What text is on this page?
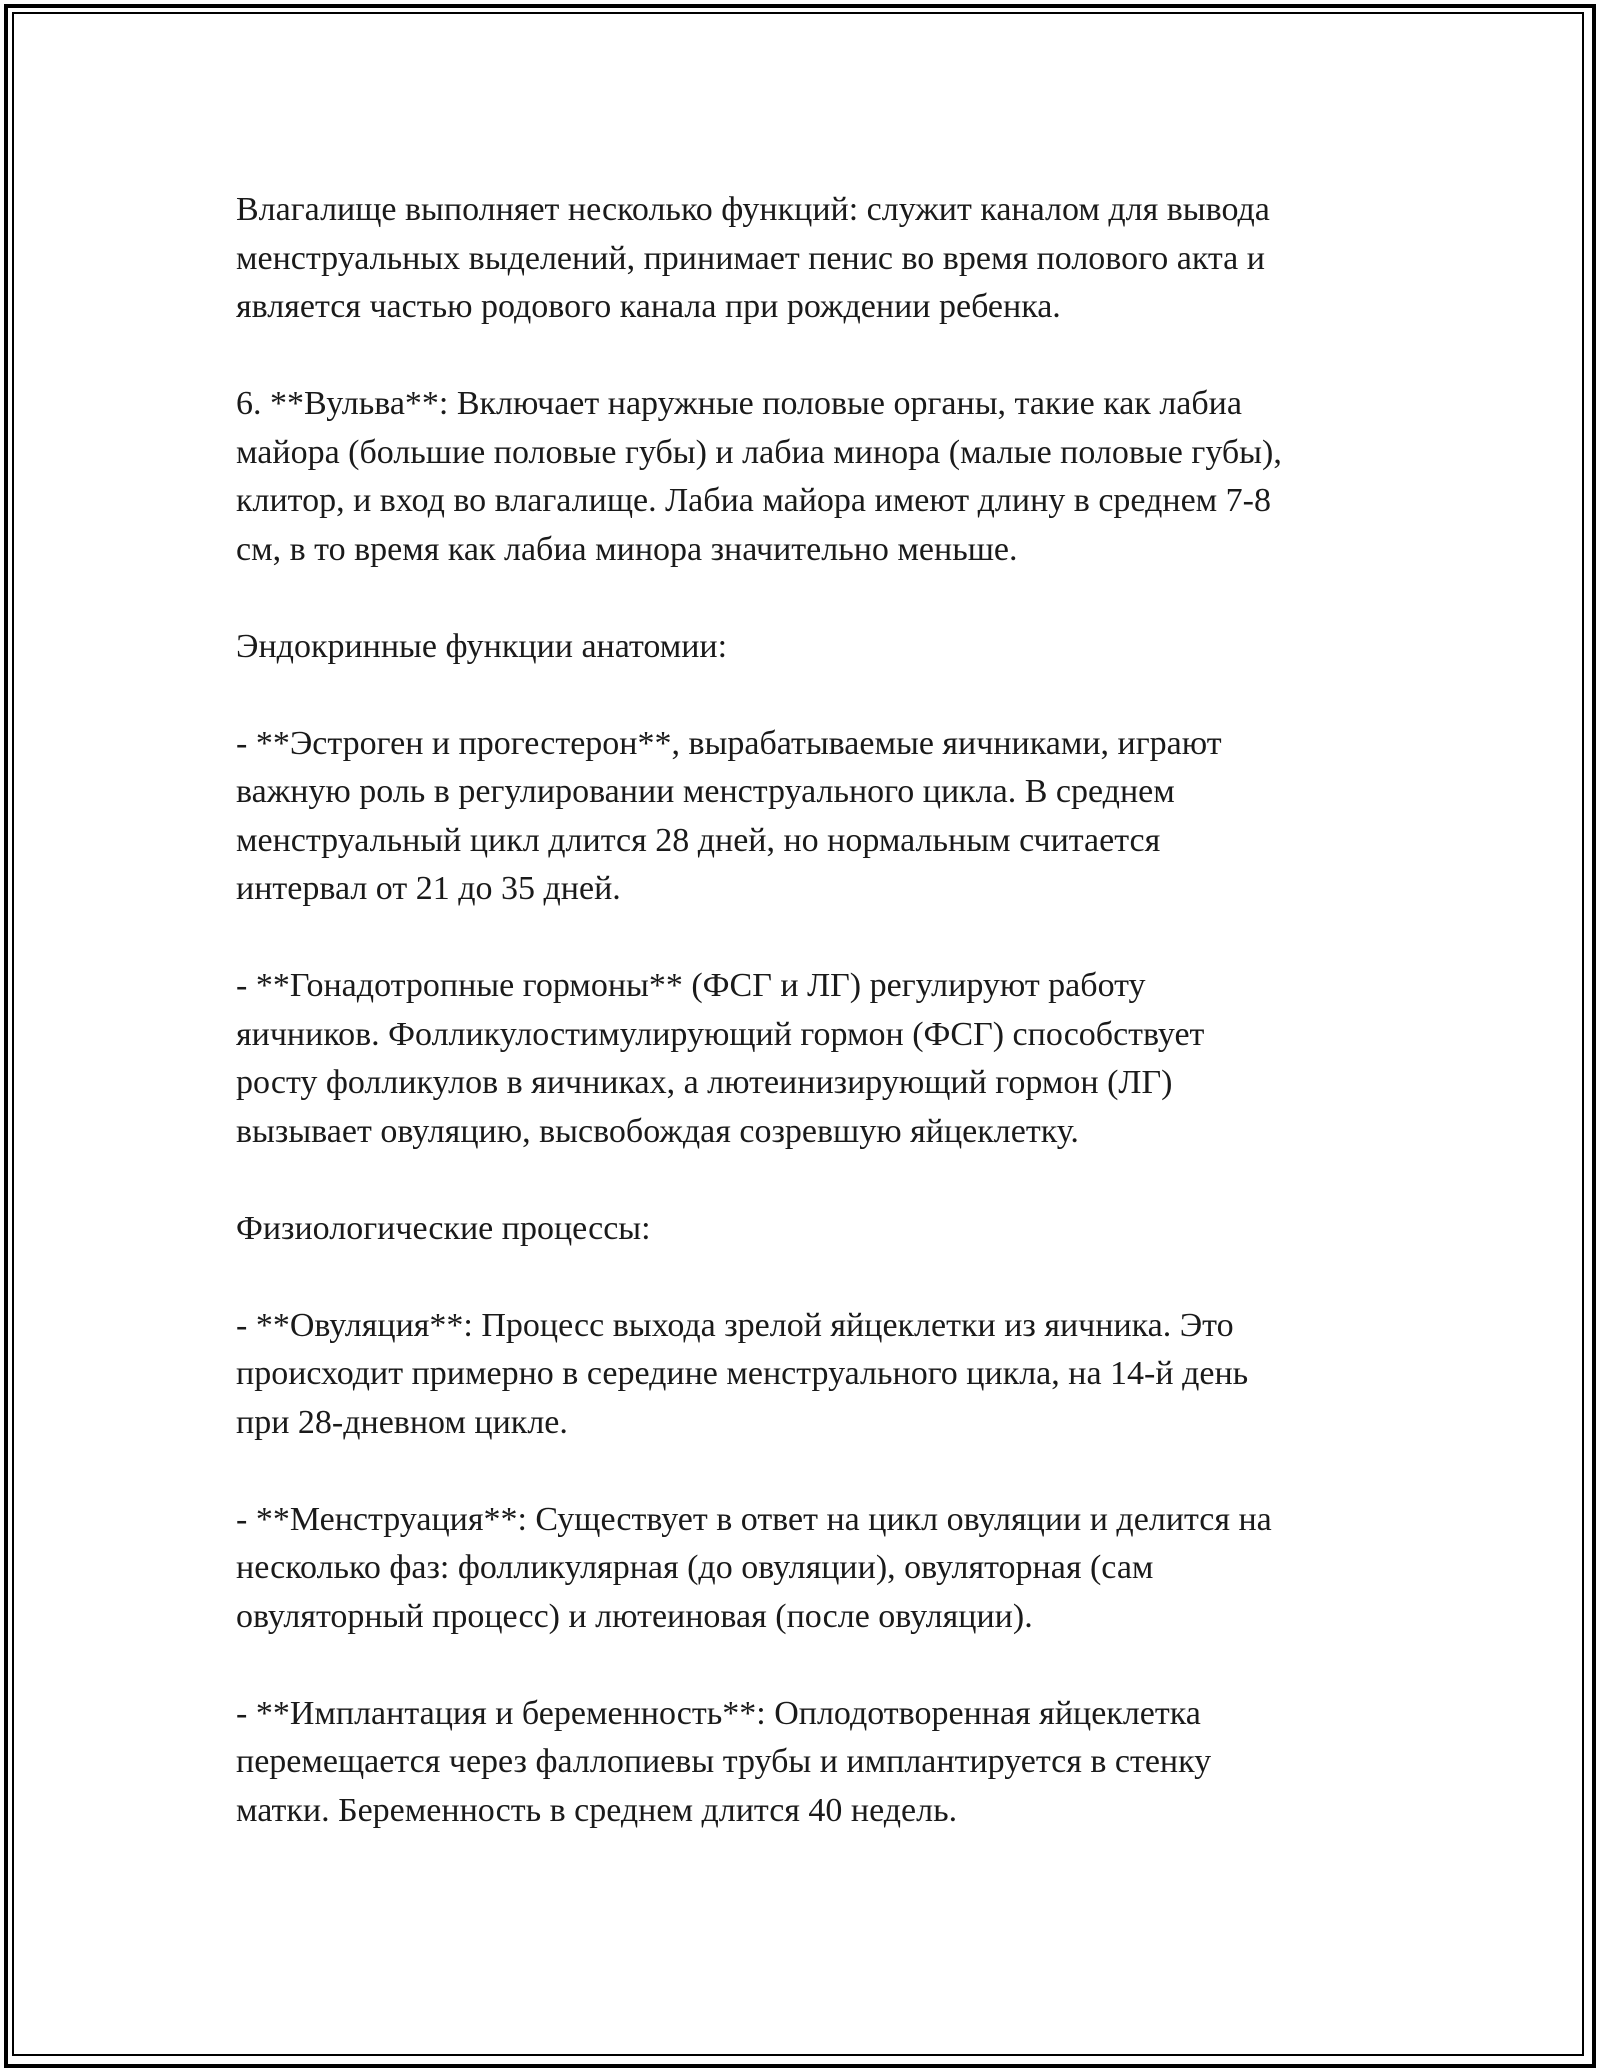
Влагалище выполняет несколько функций: служит каналом для вывода
менструальных выделений, принимает пенис во время полового акта и
является частью родового канала при рождении ребенка.

6. **Вульва**: Включает наружные половые органы, такие как лабиа
майора (большие половые губы) и лабиа минора (малые половые губы),
клитор, и вход во влагалище. Лабиа майора имеют длину в среднем 7-8
см, в то время как лабиа минора значительно меньше.

Эндокринные функции анатомии:

- **Эстроген и прогестерон**, вырабатываемые яичниками, играют
важную роль в регулировании менструального цикла. В среднем
менструальный цикл длится 28 дней, но нормальным считается
интервал от 21 до 35 дней.

- **Гонадотропные гормоны** (ФСГ и ЛГ) регулируют работу
яичников. Фолликулостимулирующий гормон (ФСГ) способствует
росту фолликулов в яичниках, а лютеинизирующий гормон (ЛГ)
вызывает овуляцию, высвобождая созревшую яйцеклетку.

Физиологические процессы:

- **Овуляция**: Процесс выхода зрелой яйцеклетки из яичника. Это
происходит примерно в середине менструального цикла, на 14-й день
при 28-дневном цикле.

- **Менструация**: Существует в ответ на цикл овуляции и делится на
несколько фаз: фолликулярная (до овуляции), овуляторная (сам
овуляторный процесс) и лютеиновая (после овуляции).

- **Имплантация и беременность**: Оплодотворенная яйцеклетка
перемещается через фаллопиевы трубы и имплантируется в стенку
матки. Беременность в среднем длится 40 недель.
